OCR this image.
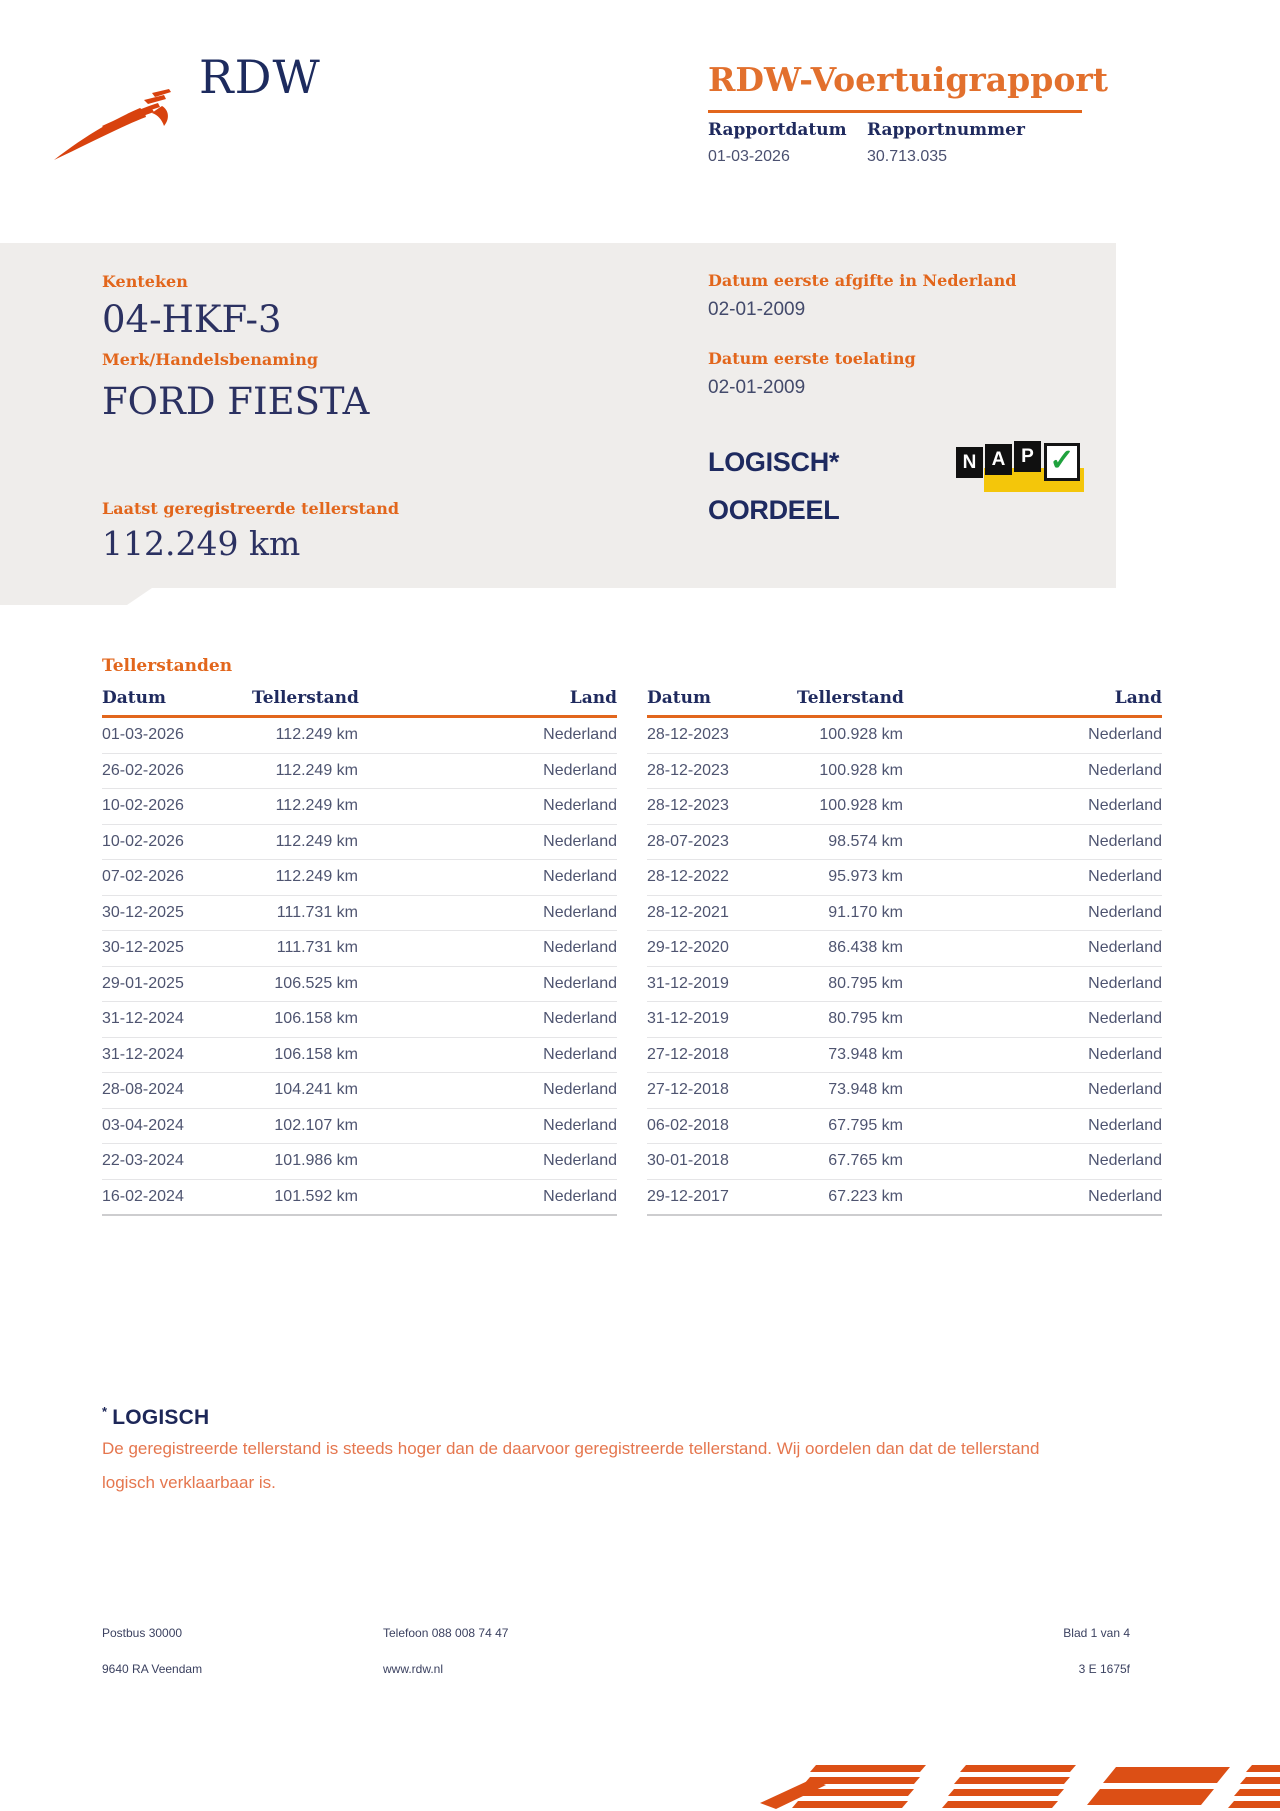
RDW	RDW-Voertuigrapport
Rapportdatum Rapportnummer
01-03-2026	30.713.035
Kenteken
04-HKF-3
Merk/Handelsbenaming
FORD FIESTA
Laatst geregistreerde tellerstand
112.249 km
Datum eerste afgifte in Nederland
02-01-2009
Datum eerste toelating
02-01-2009
LOGISCH*
OORDEEL
N A P ✓
Tellerstanden
Datum	Tellerstand	Land
01-03-2026	112.249 km	Nederland
26-02-2026	112.249 km	Nederland
10-02-2026	112.249 km	Nederland
10-02-2026	112.249 km	Nederland
07-02-2026	112.249 km	Nederland
30-12-2025	111.731 km	Nederland
30-12-2025	111.731 km	Nederland
29-01-2025	106.525 km	Nederland
31-12-2024	106.158 km	Nederland
31-12-2024	106.158 km	Nederland
28-08-2024	104.241 km	Nederland
03-04-2024	102.107 km	Nederland
22-03-2024	101.986 km	Nederland
16-02-2024	101.592 km	Nederland
Datum	Tellerstand	Land
28-12-2023	100.928 km	Nederland
28-12-2023	100.928 km	Nederland
28-12-2023	100.928 km	Nederland
28-07-2023	98.574 km	Nederland
28-12-2022	95.973 km	Nederland
28-12-2021	91.170 km	Nederland
29-12-2020	86.438 km	Nederland
31-12-2019	80.795 km	Nederland
31-12-2019	80.795 km	Nederland
27-12-2018	73.948 km	Nederland
27-12-2018	73.948 km	Nederland
06-02-2018	67.795 km	Nederland
30-01-2018	67.765 km	Nederland
29-12-2017	67.223 km	Nederland
* LOGISCH
De geregistreerde tellerstand is steeds hoger dan de daarvoor geregistreerde tellerstand. Wij oordelen dan dat de tellerstand logisch verklaarbaar is.
Postbus 30000
9640 RA Veendam
Telefoon 088 008 74 47
www.rdw.nl
Blad 1 van 4
3 E 1675f
